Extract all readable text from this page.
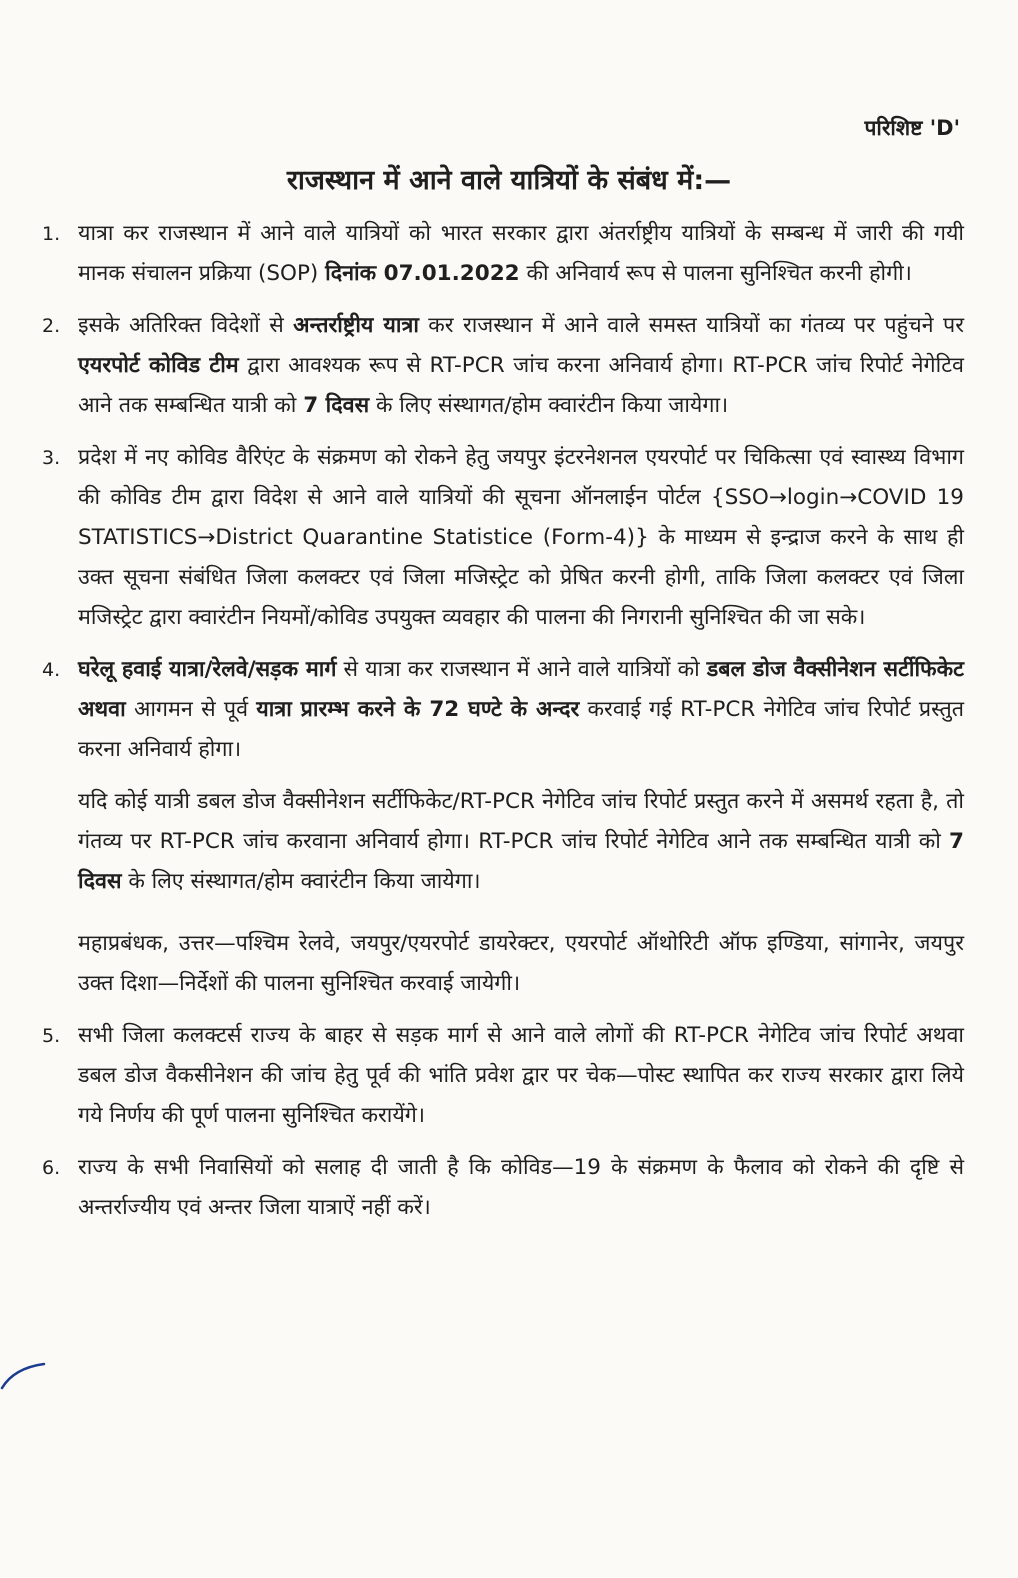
परिशिष्ट 'D'
राजस्थान में आने वाले यात्रियों के संबंध में:—
1. यात्रा कर राजस्थान में आने वाले यात्रियों को भारत सरकार द्वारा अंतर्राष्ट्रीय यात्रियों के सम्बन्ध में जारी की गयी मानक संचालन प्रक्रिया (SOP) दिनांक 07.01.2022 की अनिवार्य रूप से पालना सुनिश्चित करनी होगी।
2. इसके अतिरिक्त विदेशों से अन्तर्राष्ट्रीय यात्रा कर राजस्थान में आने वाले समस्त यात्रियों का गंतव्य पर पहुंचने पर एयरपोर्ट कोविड टीम द्वारा आवश्यक रूप से RT-PCR जांच करना अनिवार्य होगा। RT-PCR जांच रिपोर्ट नेगेटिव आने तक सम्बन्धित यात्री को 7 दिवस के लिए संस्थागत/होम क्वारंटीन किया जायेगा।
3. प्रदेश में नए कोविड वैरिएंट के संक्रमण को रोकने हेतु जयपुर इंटरनेशनल एयरपोर्ट पर चिकित्सा एवं स्वास्थ्य विभाग की कोविड टीम द्वारा विदेश से आने वाले यात्रियों की सूचना ऑनलाईन पोर्टल {SSO→login→COVID 19 STATISTICS→District Quarantine Statistice (Form-4)} के माध्यम से इन्द्राज करने के साथ ही उक्त सूचना संबंधित जिला कलक्टर एवं जिला मजिस्ट्रेट को प्रेषित करनी होगी, ताकि जिला कलक्टर एवं जिला मजिस्ट्रेट द्वारा क्वारंटीन नियमों/कोविड उपयुक्त व्यवहार की पालना की निगरानी सुनिश्चित की जा सके।
4. घरेलू हवाई यात्रा/रेलवे/सड़क मार्ग से यात्रा कर राजस्थान में आने वाले यात्रियों को डबल डोज वैक्सीनेशन सर्टीफिकेट अथवा आगमन से पूर्व यात्रा प्रारम्भ करने के 72 घण्टे के अन्दर करवाई गई RT-PCR नेगेटिव जांच रिपोर्ट प्रस्तुत करना अनिवार्य होगा।
यदि कोई यात्री डबल डोज वैक्सीनेशन सर्टीफिकेट/RT-PCR नेगेटिव जांच रिपोर्ट प्रस्तुत करने में असमर्थ रहता है, तो गंतव्य पर RT-PCR जांच करवाना अनिवार्य होगा। RT-PCR जांच रिपोर्ट नेगेटिव आने तक सम्बन्धित यात्री को 7 दिवस के लिए संस्थागत/होम क्वारंटीन किया जायेगा।
महाप्रबंधक, उत्तर—पश्चिम रेलवे, जयपुर/एयरपोर्ट डायरेक्टर, एयरपोर्ट ऑथोरिटी ऑफ इण्डिया, सांगानेर, जयपुर उक्त दिशा—निर्देशों की पालना सुनिश्चित करवाई जायेगी।
5. सभी जिला कलक्टर्स राज्य के बाहर से सड़क मार्ग से आने वाले लोगों की RT-PCR नेगेटिव जांच रिपोर्ट अथवा डबल डोज वैकसीनेशन की जांच हेतु पूर्व की भांति प्रवेश द्वार पर चेक—पोस्ट स्थापित कर राज्य सरकार द्वारा लिये गये निर्णय की पूर्ण पालना सुनिश्चित करायेंगे।
6. राज्य के सभी निवासियों को सलाह दी जाती है कि कोविड—19 के संक्रमण के फैलाव को रोकने की दृष्टि से अन्तर्राज्यीय एवं अन्तर जिला यात्राऐं नहीं करें।
